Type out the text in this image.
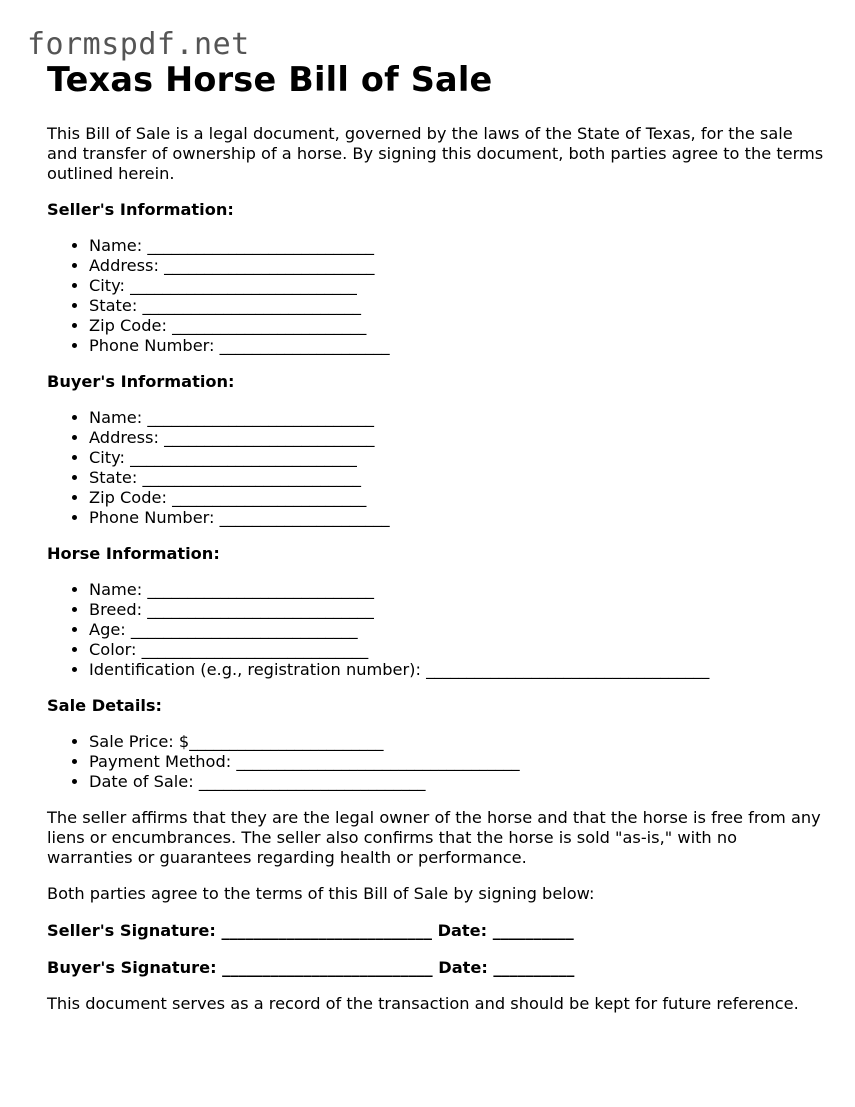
formspdf.net
Texas Horse Bill of Sale

This Bill of Sale is a legal document, governed by the laws of the State of Texas, for the sale and transfer of ownership of a horse. By signing this document, both parties agree to the terms outlined herein.

Seller's Information:
• Name: ____________________________
• Address: __________________________
• City: ____________________________
• State: ___________________________
• Zip Code: ________________________
• Phone Number: _____________________
Buyer's Information:
• Name: ____________________________
• Address: __________________________
• City: ____________________________
• State: ___________________________
• Zip Code: ________________________
• Phone Number: _____________________
Horse Information:
• Name: ____________________________
• Breed: ____________________________
• Age: ____________________________
• Color: ____________________________
• Identification (e.g., registration number): ___________________________________
Sale Details:
• Sale Price: $________________________
• Payment Method: ___________________________________
• Date of Sale: ____________________________

The seller affirms that they are the legal owner of the horse and that the horse is free from any liens or encumbrances. The seller also confirms that the horse is sold "as-is," with no warranties or guarantees regarding health or performance.

Both parties agree to the terms of this Bill of Sale by signing below:

Seller's Signature: __________________________ Date: __________
Buyer's Signature: __________________________ Date: __________

This document serves as a record of the transaction and should be kept for future reference.
